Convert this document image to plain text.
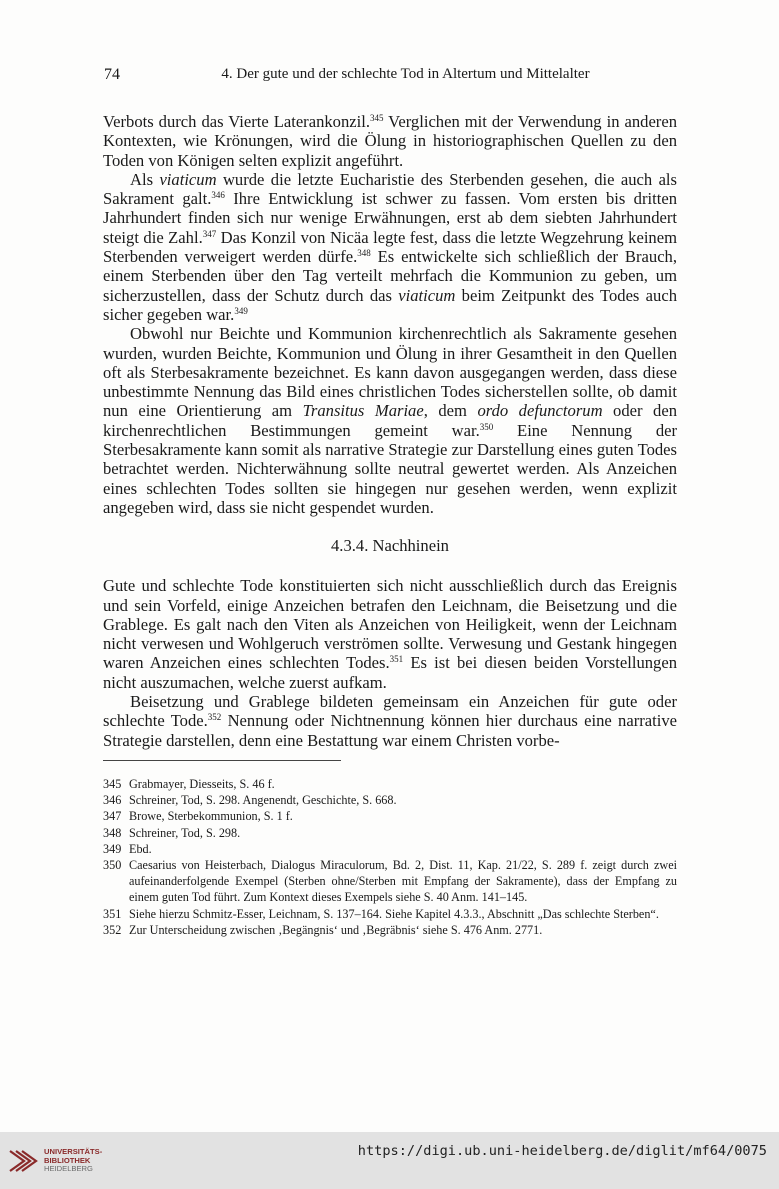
74	4. Der gute und der schlechte Tod in Altertum und Mittelalter

Verbots durch das Vierte Laterankonzil.$^{345}$ Verglichen mit der Verwendung in anderen Kontexten, wie Krönungen, wird die Ölung in historiographischen Quellen zu den Toden von Königen selten explizit angeführt.

Als viaticum wurde die letzte Eucharistie des Sterbenden gesehen, die auch als Sakrament galt.$^{346}$ Ihre Entwicklung ist schwer zu fassen. Vom ersten bis dritten Jahrhundert finden sich nur wenige Erwähnungen, erst ab dem siebten Jahrhundert steigt die Zahl.$^{347}$ Das Konzil von Nicäa legte fest, dass die letzte Wegzehrung keinem Sterbenden verweigert werden dürfe.$^{348}$ Es entwickelte sich schließlich der Brauch, einem Sterbenden über den Tag verteilt mehrfach die Kommunion zu geben, um sicherzustellen, dass der Schutz durch das viaticum beim Zeitpunkt des Todes auch sicher gegeben war.$^{349}$

Obwohl nur Beichte und Kommunion kirchenrechtlich als Sakramente gesehen wurden, wurden Beichte, Kommunion und Ölung in ihrer Gesamtheit in den Quellen oft als Sterbesakramente bezeichnet. Es kann davon ausgegangen werden, dass diese unbestimmte Nennung das Bild eines christlichen Todes sicherstellen sollte, ob damit nun eine Orientierung am Transitus Mariae, dem ordo defunctorum oder den kirchenrechtlichen Bestimmungen gemeint war.$^{350}$ Eine Nennung der Sterbesakramente kann somit als narrative Strategie zur Darstellung eines guten Todes betrachtet werden. Nichterwähnung sollte neutral gewertet werden. Als Anzeichen eines schlechten Todes sollten sie hingegen nur gesehen werden, wenn explizit angegeben wird, dass sie nicht gespendet wurden.

4.3.4. Nachhinein

Gute und schlechte Tode konstituierten sich nicht ausschließlich durch das Ereignis und sein Vorfeld, einige Anzeichen betrafen den Leichnam, die Beisetzung und die Grablege. Es galt nach den Viten als Anzeichen von Heiligkeit, wenn der Leichnam nicht verwesen und Wohlgeruch verströmen sollte. Verwesung und Gestank hingegen waren Anzeichen eines schlechten Todes.$^{351}$ Es ist bei diesen beiden Vorstellungen nicht auszumachen, welche zuerst aufkam.

Beisetzung und Grablege bildeten gemeinsam ein Anzeichen für gute oder schlechte Tode.$^{352}$ Nennung oder Nichtnennung können hier durchaus eine narrative Strategie darstellen, denn eine Bestattung war einem Christen vorbe-

345 Grabmayer, Diesseits, S. 46 f.
346 Schreiner, Tod, S. 298. Angenendt, Geschichte, S. 668.
347 Browe, Sterbekommunion, S. 1 f.
348 Schreiner, Tod, S. 298.
349 Ebd.
350 Caesarius von Heisterbach, Dialogus Miraculorum, Bd. 2, Dist. 11, Kap. 21/22, S. 289 f. zeigt durch zwei aufeinanderfolgende Exempel (Sterben ohne/Sterben mit Empfang der Sakramente), dass der Empfang zu einem guten Tod führt. Zum Kontext dieses Exempels siehe S. 40 Anm. 141–145.
351 Siehe hierzu Schmitz-Esser, Leichnam, S. 137–164. Siehe Kapitel 4.3.3., Abschnitt „Das schlechte Sterben“.
352 Zur Unterscheidung zwischen ‚Begängnis‘ und ‚Begräbnis‘ siehe S. 476 Anm. 2771.
UNIVERSITÄTS-
BIBLIOTHEK
HEIDELBERG
https://digi.ub.uni-heidelberg.de/diglit/mf64/0075
